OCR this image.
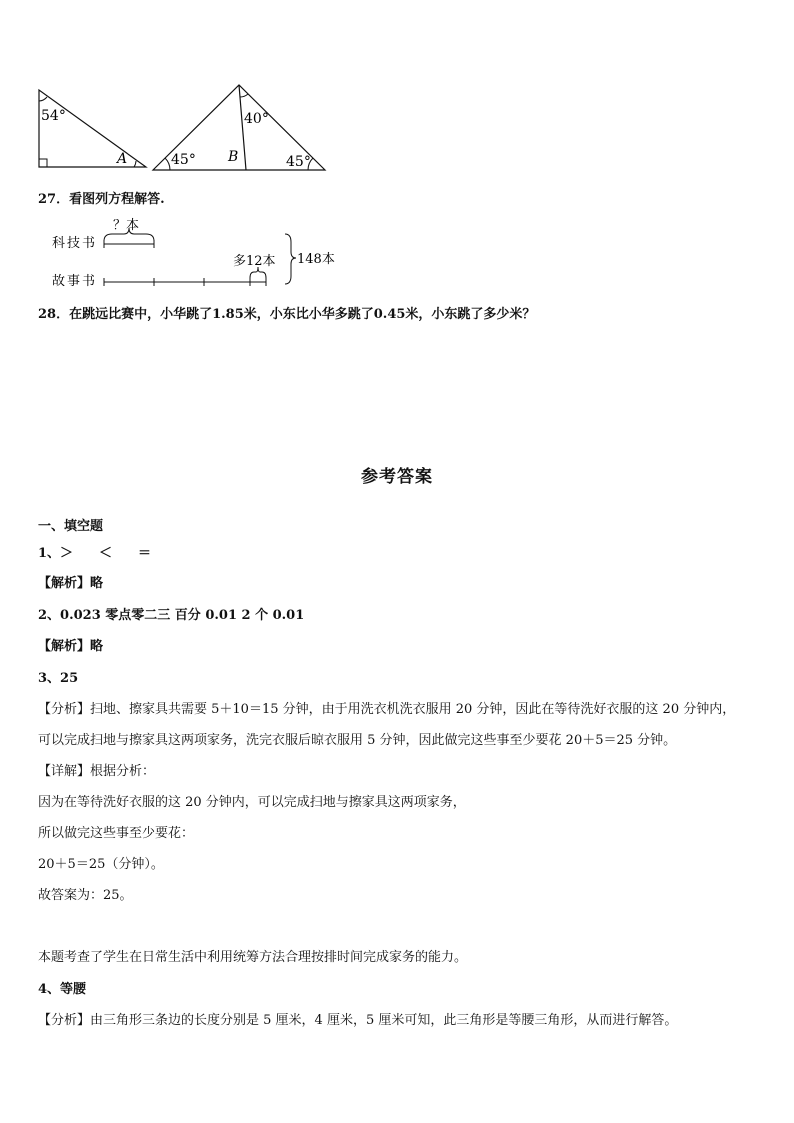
54°
A	45°
40°
45°
B
27．看图列方程解答.
科技书
故事书
？本
多12本 148本
28．在跳远比赛中，小华跳了1.85米，小东比小华多跳了0.45米，小东跳了多少米？
参考答案
一、填空题
1、＞　　＜　　＝
【解析】略
2、0.023 零点零二三 百分 0.01 2 个 0.01
【解析】略
3、25
【分析】扫地、擦家具共需要 5＋10＝15 分钟，由于用洗衣机洗衣服用 20 分钟，因此在等待洗好衣服的这 20 分钟内，
可以完成扫地与擦家具这两项家务，洗完衣服后晾衣服用 5 分钟，因此做完这些事至少要花 20＋5＝25 分钟。
【详解】根据分析：
因为在等待洗好衣服的这 20 分钟内，可以完成扫地与擦家具这两项家务，
所以做完这些事至少要花：
20＋5＝25（分钟）。
故答案为：25。
本题考查了学生在日常生活中利用统筹方法合理按排时间完成家务的能力。
4、等腰
【分析】由三角形三条边的长度分别是 5 厘米，4 厘米，5 厘米可知，此三角形是等腰三角形，从而进行解答。
